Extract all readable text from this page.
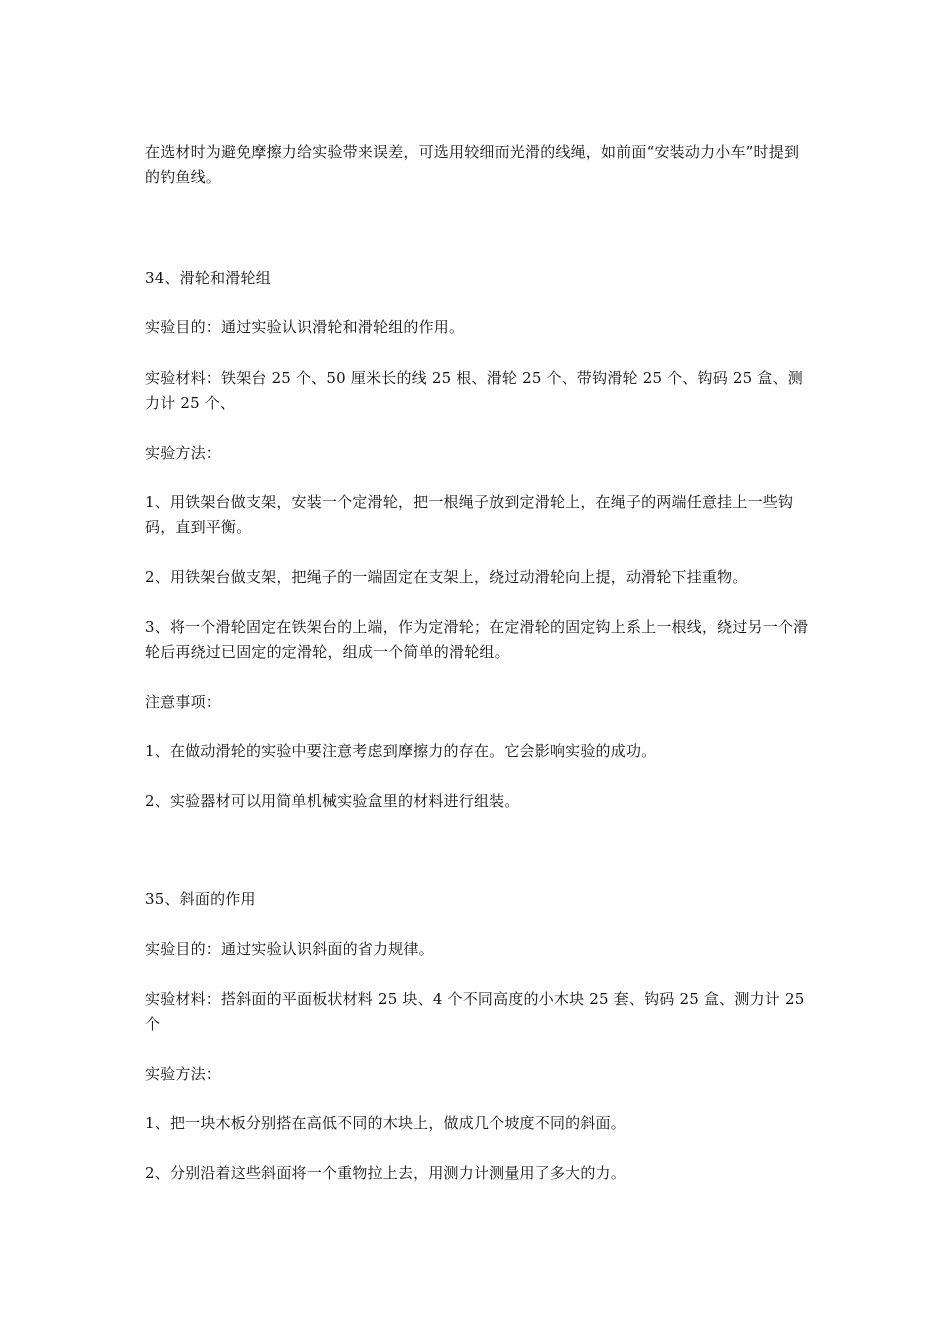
在选材时为避免摩擦力给实验带来误差，可选用较细而光滑的线绳，如前面“安装动力小车”时提到的钓鱼线。

34、滑轮和滑轮组

实验目的：通过实验认识滑轮和滑轮组的作用。

实验材料：铁架台 25 个、50 厘米长的线 25 根、滑轮 25 个、带钩滑轮 25 个、钩码 25 盒、测力计 25 个、

实验方法：

1、用铁架台做支架，安装一个定滑轮，把一根绳子放到定滑轮上，在绳子的两端任意挂上一些钩码，直到平衡。

2、用铁架台做支架，把绳子的一端固定在支架上，绕过动滑轮向上提，动滑轮下挂重物。

3、将一个滑轮固定在铁架台的上端，作为定滑轮；在定滑轮的固定钩上系上一根线，绕过另一个滑轮后再绕过已固定的定滑轮，组成一个简单的滑轮组。

注意事项：

1、在做动滑轮的实验中要注意考虑到摩擦力的存在。它会影响实验的成功。

2、实验器材可以用简单机械实验盒里的材料进行组装。

35、斜面的作用

实验目的：通过实验认识斜面的省力规律。

实验材料：搭斜面的平面板状材料 25 块、4 个不同高度的小木块 25 套、钩码 25 盒、测力计 25 个

实验方法：

1、把一块木板分别搭在高低不同的木块上，做成几个坡度不同的斜面。

2、分别沿着这些斜面将一个重物拉上去，用测力计测量用了多大的力。
